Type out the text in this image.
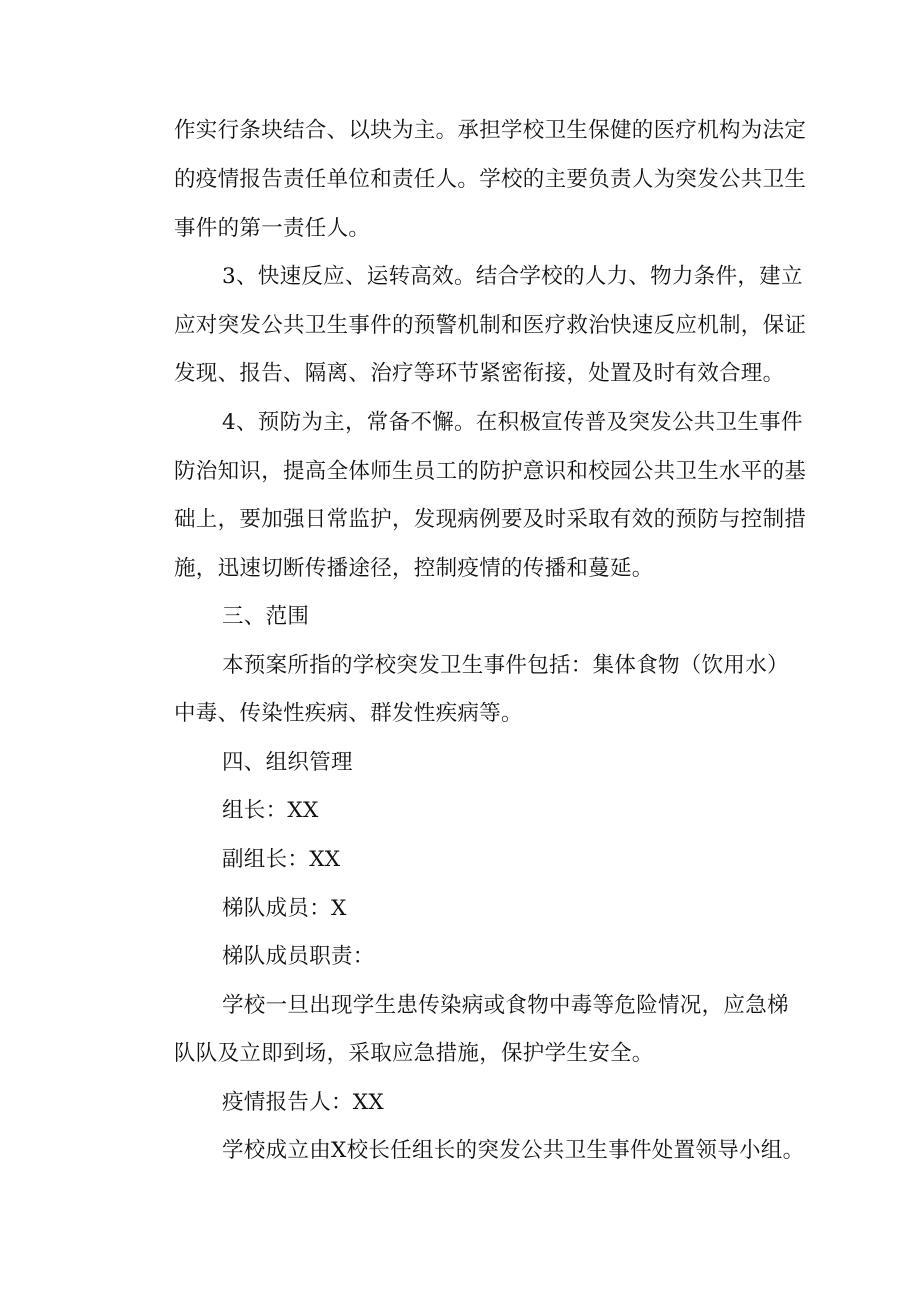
作实行条块结合、以块为主。承担学校卫生保健的医疗机构为法定
的疫情报告责任单位和责任人。学校的主要负责人为突发公共卫生
事件的第一责任人。
3、快速反应、运转高效。结合学校的人力、物力条件，建立
应对突发公共卫生事件的预警机制和医疗救治快速反应机制，保证
发现、报告、隔离、治疗等环节紧密衔接，处置及时有效合理。
4、预防为主，常备不懈。在积极宣传普及突发公共卫生事件
防治知识，提高全体师生员工的防护意识和校园公共卫生水平的基
础上，要加强日常监护，发现病例要及时采取有效的预防与控制措
施，迅速切断传播途径，控制疫情的传播和蔓延。
三、范围
本预案所指的学校突发卫生事件包括：集体食物（饮用水）
中毒、传染性疾病、群发性疾病等。
四、组织管理
组长：XX
副组长：XX
梯队成员：X
梯队成员职责：
学校一旦出现学生患传染病或食物中毒等危险情况，应急梯
队队及立即到场，采取应急措施，保护学生安全。
疫情报告人：XX
学校成立由X校长任组长的突发公共卫生事件处置领导小组。
